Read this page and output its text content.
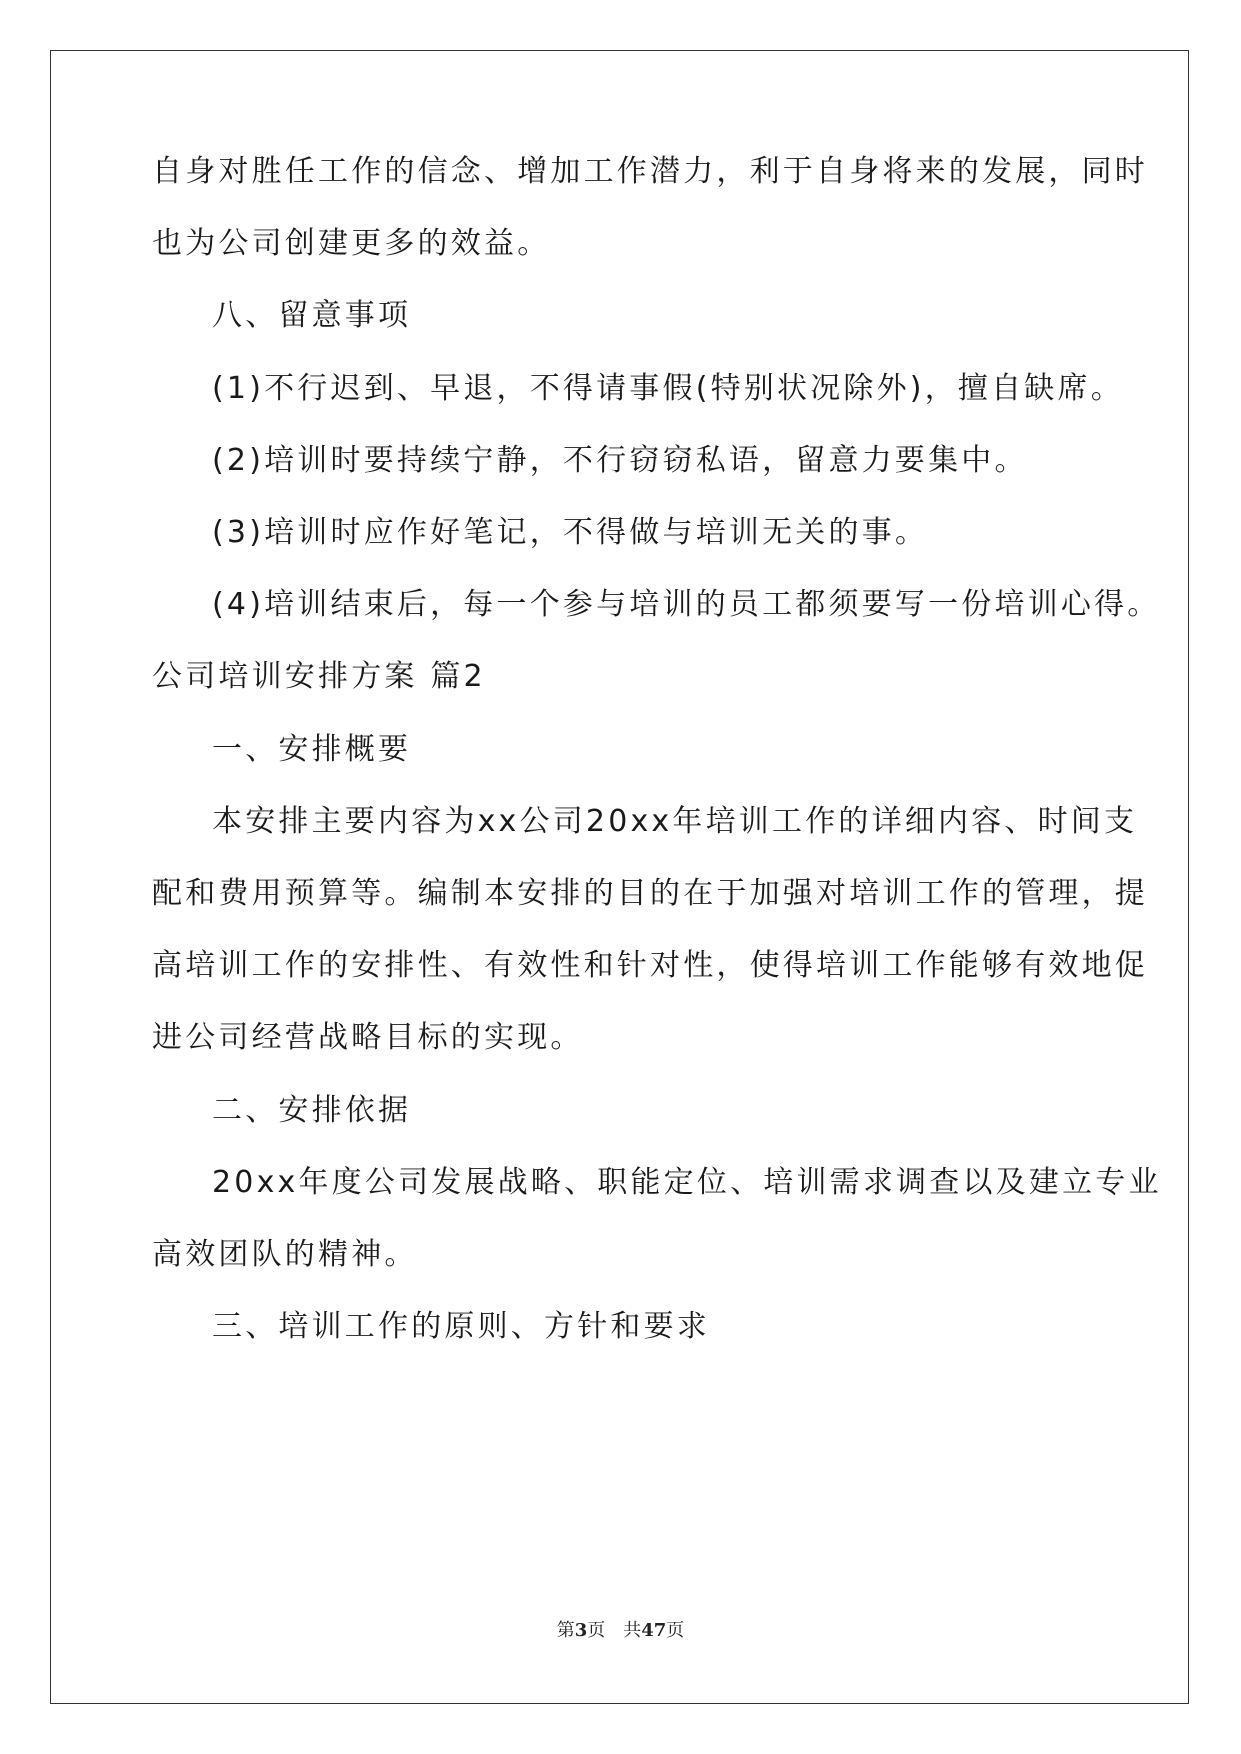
自身对胜任工作的信念、增加工作潜力，利于自身将来的发展，同时
也为公司创建更多的效益。
八、留意事项
(1)不行迟到、早退，不得请事假(特别状况除外)，擅自缺席。
(2)培训时要持续宁静，不行窃窃私语，留意力要集中。
(3)培训时应作好笔记，不得做与培训无关的事。
(4)培训结束后，每一个参与培训的员工都须要写一份培训心得。
公司培训安排方案 篇2
一、安排概要
本安排主要内容为xx公司20xx年培训工作的详细内容、时间支
配和费用预算等。编制本安排的目的在于加强对培训工作的管理，提
高培训工作的安排性、有效性和针对性，使得培训工作能够有效地促
进公司经营战略目标的实现。
二、安排依据
20xx年度公司发展战略、职能定位、培训需求调查以及建立专业
高效团队的精神。
三、培训工作的原则、方针和要求
第3页　共47页
